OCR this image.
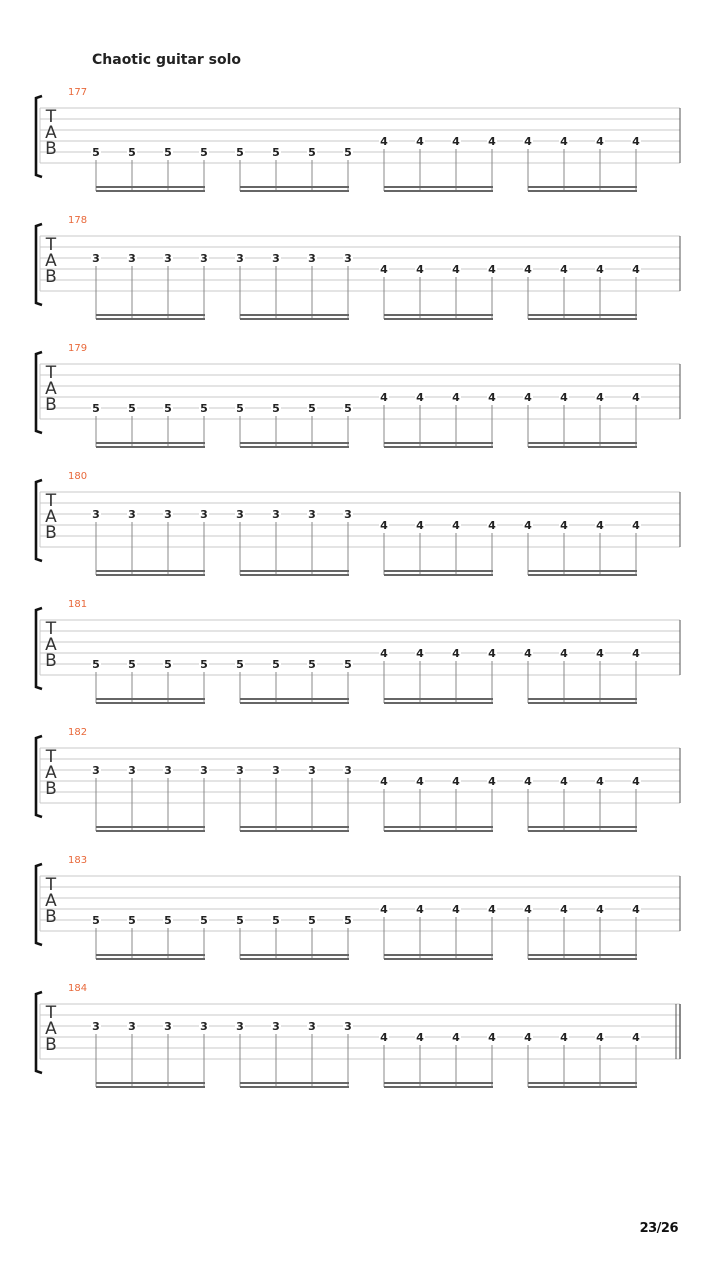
Chaotic guitar solo
T
A
B
177
5	5	5	5	5	5	5	5
4	4	4	4	4	4	4	4
T
A
B
178
3	3	3	3	3	3	3	3
4	4	4	4	4	4	4	4
T
A
B
179
5	5	5	5	5	5	5	5
4	4	4	4	4	4	4	4
T
A
B
180
3	3	3	3	3	3	3	3
4	4	4	4	4	4	4	4
T
A
B
181
5	5	5	5	5	5	5	5
4	4	4	4	4	4	4	4
T
A
B
182
3	3	3	3	3	3	3	3
4	4	4	4	4	4	4	4
T
A
B
183
5	5	5	5	5	5	5	5
4	4	4	4	4	4	4	4
T
A
B
184
3	3	3	3	3	3	3	3
4	4	4	4	4	4	4	4
23/26
